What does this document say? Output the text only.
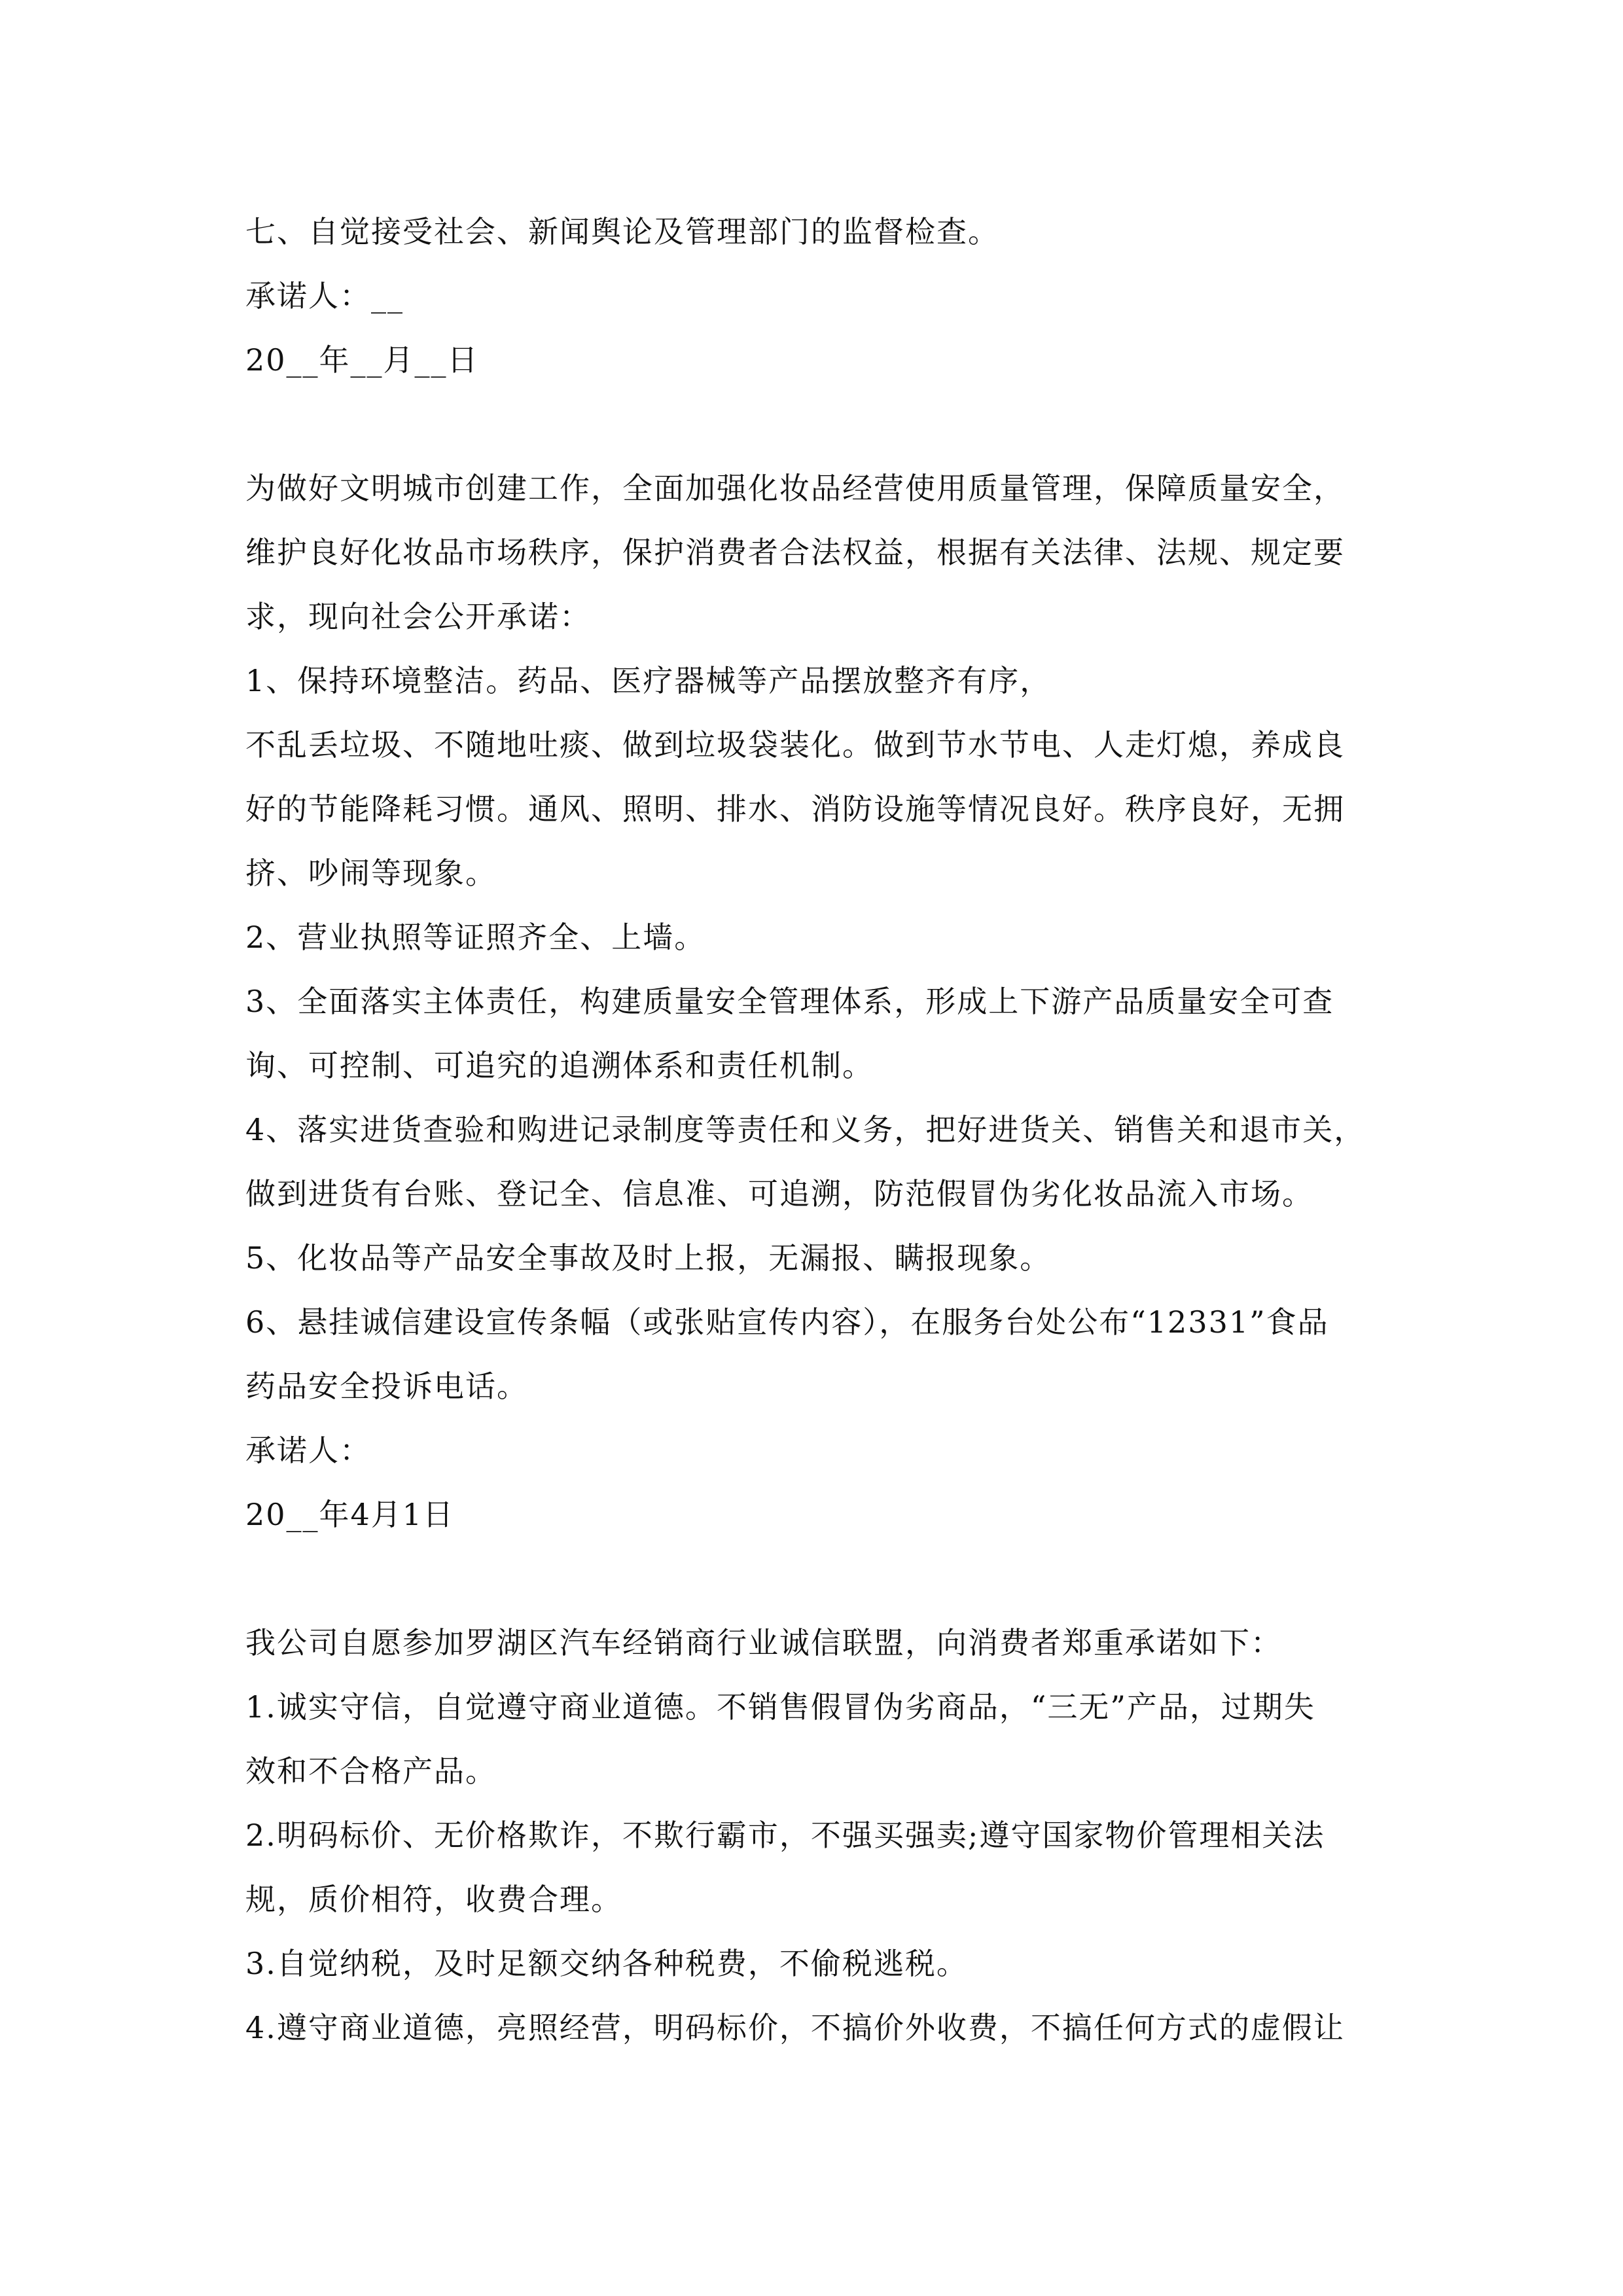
七、自觉接受社会、新闻舆论及管理部门的监督检查。
承诺人：__
20__年__月__日
为做好文明城市创建工作，全面加强化妆品经营使用质量管理，保障质量安全，
维护良好化妆品市场秩序，保护消费者合法权益，根据有关法律、法规、规定要
求，现向社会公开承诺：
1、保持环境整洁。药品、医疗器械等产品摆放整齐有序，
不乱丢垃圾、不随地吐痰、做到垃圾袋装化。做到节水节电、人走灯熄，养成良
好的节能降耗习惯。通风、照明、排水、消防设施等情况良好。秩序良好，无拥
挤、吵闹等现象。
2、营业执照等证照齐全、上墙。
3、全面落实主体责任，构建质量安全管理体系，形成上下游产品质量安全可查
询、可控制、可追究的追溯体系和责任机制。
4、落实进货查验和购进记录制度等责任和义务，把好进货关、销售关和退市关，
做到进货有台账、登记全、信息准、可追溯，防范假冒伪劣化妆品流入市场。
5、化妆品等产品安全事故及时上报，无漏报、瞒报现象。
6、悬挂诚信建设宣传条幅（或张贴宣传内容），在服务台处公布“12331”食品
药品安全投诉电话。
承诺人：
20__年4月1日
我公司自愿参加罗湖区汽车经销商行业诚信联盟，向消费者郑重承诺如下：
1.诚实守信，自觉遵守商业道德。不销售假冒伪劣商品，“三无”产品，过期失
效和不合格产品。
2.明码标价、无价格欺诈，不欺行霸市，不强买强卖;遵守国家物价管理相关法
规，质价相符，收费合理。
3.自觉纳税，及时足额交纳各种税费，不偷税逃税。
4.遵守商业道德，亮照经营，明码标价，不搞价外收费，不搞任何方式的虚假让
